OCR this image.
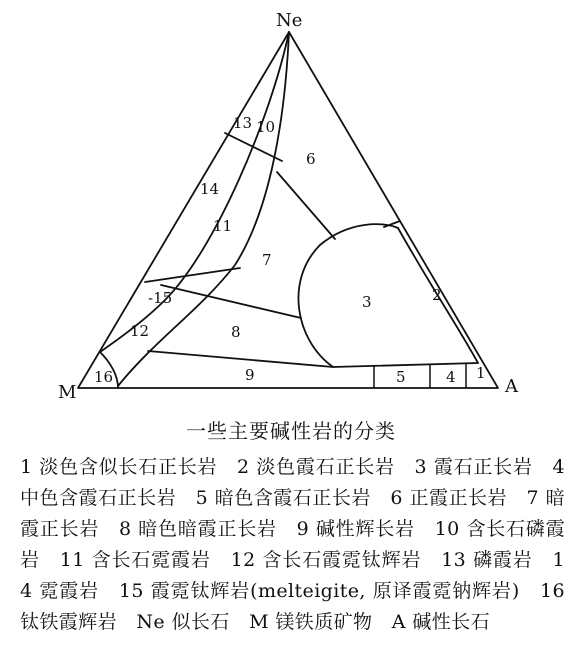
Ne
M	A
1
2
3
4
5
6
7
8
9
10
11
12
13
14
-15
16
一些主要碱性岩的分类
1 淡色含似长石正长岩　2 淡色霞石正长岩　3 霞石正长岩　4 中色含霞石正长岩　5 暗色含霞石正长岩　6 正霞正长岩　7 暗霞正长岩　8 暗色暗霞正长岩　9 碱性辉长岩　10 含长石磷霞岩　11 含长石霓霞岩　12 含长石霞霓钛辉岩　13 磷霞岩　14 霓霞岩　15 霞霓钛辉岩(melteigite, 原译霞霓钠辉岩)　16 钛铁霞辉岩　Ne 似长石　M 镁铁质矿物　A 碱性长石
